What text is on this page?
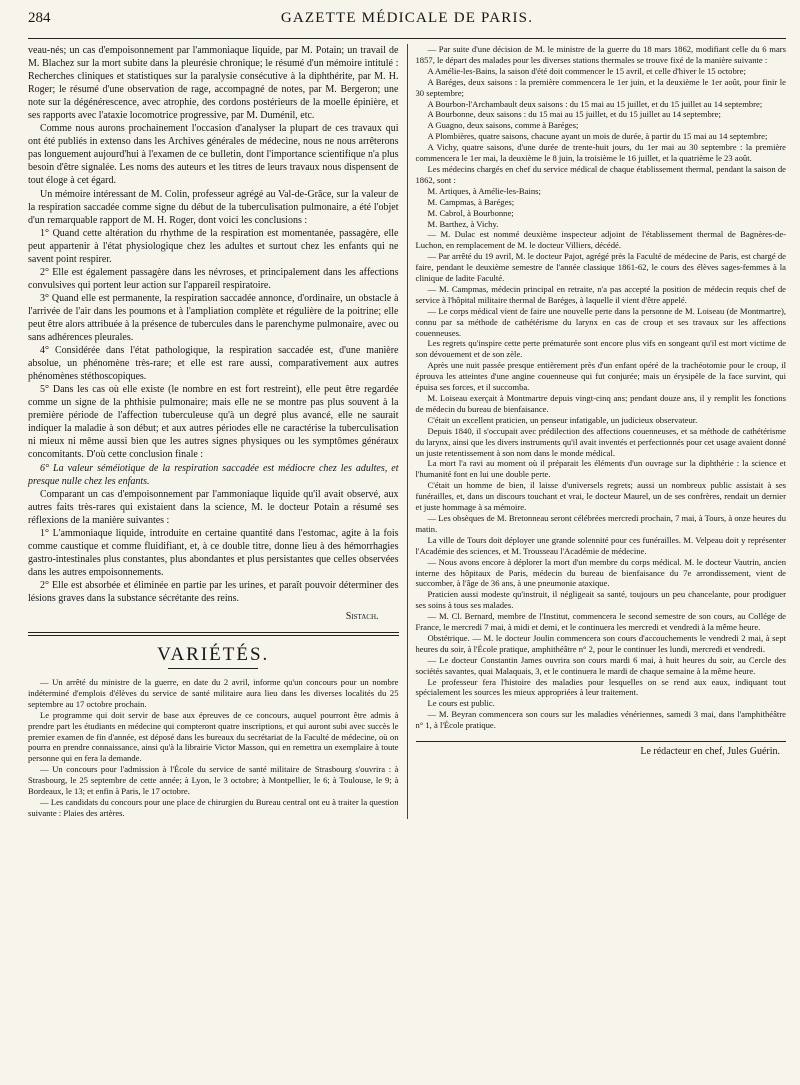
284	GAZETTE MÉDICALE DE PARIS.

veau-nés; un cas d'empoisonnement par l'ammoniaque liquide, par M. Potain; un travail de M. Blachez sur la mort subite dans la pleurésie chronique; le résumé d'un mémoire intitulé : Recherches cliniques et statistiques sur la paralysie consécutive à la diphthérite, par M. H. Roger; le résumé d'une observation de rage, accompagné de notes, par M. Bergeron; une note sur la dégénérescence, avec atrophie, des cordons postérieurs de la moelle épinière, et ses rapports avec l'ataxie locomotrice progressive, par M. Duménil, etc.

Comme nous aurons prochainement l'occasion d'analyser la plupart de ces travaux qui ont été publiés in extenso dans les Archives générales de médecine, nous ne nous arrêterons pas longuement aujourd'hui à l'examen de ce bulletin, dont l'importance scientifique n'a plus besoin d'être signalée. Les noms des auteurs et les titres de leurs travaux nous dispensent de tout éloge à cet égard.

Un mémoire intéressant de M. Colin, professeur agrégé au Val-de-Grâce, sur la valeur de la respiration saccadée comme signe du début de la tuberculisation pulmonaire, a été l'objet d'un remarquable rapport de M. H. Roger, dont voici les conclusions :

1° Quand cette altération du rhythme de la respiration est momentanée, passagère, elle peut appartenir à l'état physiologique chez les adultes et surtout chez les enfants qui ne savent point respirer.

2° Elle est également passagère dans les névroses, et principalement dans les affections convulsives qui portent leur action sur l'appareil respiratoire.

3° Quand elle est permanente, la respiration saccadée annonce, d'ordinaire, un obstacle à l'arrivée de l'air dans les poumons et à l'ampliation complète et régulière de la poitrine; elle peut être alors attribuée à la présence de tubercules dans le parenchyme pulmonaire, avec ou sans adhérences pleurales.

4° Considérée dans l'état pathologique, la respiration saccadée est, d'une manière absolue, un phénomène très-rare; et elle est rare aussi, comparativement aux autres phénomènes stéthoscopiques.

5° Dans les cas où elle existe (le nombre en est fort restreint), elle peut être regardée comme un signe de la phthisie pulmonaire; mais elle ne se montre pas plus souvent à la première période de l'affection tuberculeuse qu'à un degré plus avancé, elle ne saurait indiquer la maladie à son début; et aux autres périodes elle ne caractérise la tuberculisation ni mieux ni même aussi bien que les autres signes physiques ou les symptômes généraux concomitants. D'où cette conclusion finale :

6° La valeur séméiotique de la respiration saccadée est médiocre chez les adultes, et presque nulle chez les enfants.

Comparant un cas d'empoisonnement par l'ammoniaque liquide qu'il avait observé, aux autres faits très-rares qui existaient dans la science, M. le docteur Potain a résumé ses réflexions de la manière suivantes :

1° L'ammoniaque liquide, introduite en certaine quantité dans l'estomac, agite à la fois comme caustique et comme fluidifiant, et, à ce double titre, donne lieu à des hémorrhagies gastro-intestinales plus constantes, plus abondantes et plus persistantes que celles observées dans les autres empoisonnements.

2° Elle est absorbée et éliminée en partie par les urines, et paraît pouvoir déterminer des lésions graves dans la substance sécrétante des reins.

Sistach.
VARIÉTÉS.

— Un arrêté du ministre de la guerre, en date du 2 avril, informe qu'un concours pour un nombre indéterminé d'emplois d'élèves du service de santé militaire aura lieu dans les diverses localités du 25 septembre au 17 octobre prochain.

Le programme qui doit servir de base aux épreuves de ce concours, auquel pourront être admis à prendre part les étudiants en médecine qui compteront quatre inscriptions, et qui auront subi avec succès le premier examen de fin d'année, est déposé dans les bureaux du secrétariat de la Faculté de médecine, où on pourra en prendre connaissance, ainsi qu'à la librairie Victor Masson, qui en remettra un exemplaire à toute personne qui en fera la demande.

— Un concours pour l'admission à l'École du service de santé militaire de Strasbourg s'ouvrira : à Strasbourg, le 25 septembre de cette année; à Lyon, le 3 octobre; à Montpellier, le 6; à Toulouse, le 9; à Bordeaux, le 13; et enfin à Paris, le 17 octobre.

— Les candidats du concours pour une place de chirurgien du Bureau central ont eu à traiter la question suivante : Plaies des artères.

— Par suite d'une décision de M. le ministre de la guerre du 18 mars 1862, modifiant celle du 6 mars 1857, le départ des malades pour les diverses stations thermales se trouve fixé de la manière suivante :

A Amélie-les-Bains, la saison d'été doit commencer le 15 avril, et celle d'hiver le 15 octobre;

A Baréges, deux saisons : la première commencera le 1er juin, et la deuxième le 1er août, pour finir le 30 septembre;

A Bourbon-l'Archambault deux saisons : du 15 mai au 15 juillet, et du 15 juillet au 14 septembre;

A Bourbonne, deux saisons : du 15 mai au 15 juillet, et du 15 juillet au 14 septembre;

A Guagno, deux saisons, comme à Baréges;

A Plombières, quatre saisons, chacune ayant un mois de durée, à partir du 15 mai au 14 septembre;

A Vichy, quatre saisons, d'une durée de trente-huit jours, du 1er mai au 30 septembre : la première commencera le 1er mai, la deuxième le 8 juin, la troisième le 16 juillet, et la quatrième le 23 août.

Les médecins chargés en chef du service médical de chaque établissement thermal, pendant la saison de 1862, sont :

M. Artiques, à Amélie-les-Bains;

M. Campmas, à Baréges;

M. Cabrol, à Bourbonne;

M. Barthez, à Vichy.

— M. Dulac est nommé deuxième inspecteur adjoint de l'établissement thermal de Bagnères-de-Luchon, en remplacement de M. le docteur Villiers, décédé.

— Par arrêté du 19 avril, M. le docteur Pajot, agrégé près la Faculté de médecine de Paris, est chargé de faire, pendant le deuxième semestre de l'année classique 1861-62, le cours des élèves sages-femmes à la clinique de ladite Faculté.

— M. Campmas, médecin principal en retraite, n'a pas accepté la position de médecin requis chef de service à l'hôpital militaire thermal de Baréges, à laquelle il vient d'être appelé.

— Le corps médical vient de faire une nouvelle perte dans la personne de M. Loiseau (de Montmartre), connu par sa méthode de cathétérisme du larynx en cas de croup et ses travaux sur les affections couenneuses.

Les regrets qu'inspire cette perte prématurée sont encore plus vifs en songeant qu'il est mort victime de son dévouement et de son zèle.

Après une nuit passée presque entièrement près d'un enfant opéré de la trachéotomie pour le croup, il éprouva les atteintes d'une angine couenneuse qui fut conjurée; mais un érysipèle de la face survint, qui épuisa ses forces, et il succomba.

M. Loiseau exerçait à Montmartre depuis vingt-cinq ans; pendant douze ans, il y remplit les fonctions de médecin du bureau de bienfaisance.

C'était un excellent praticien, un penseur infatigable, un judicieux observateur.

Depuis 1840, il s'occupait avec prédilection des affections couenneuses, et sa méthode de cathétérisme du larynx, ainsi que les divers instruments qu'il avait inventés et perfectionnés pour cet usage avaient donné un juste retentissement à son nom dans le monde médical.

La mort l'a ravi au moment où il préparait les éléments d'un ouvrage sur la diphthérie : la science et l'humanité font en lui une double perte.

C'était un homme de bien, il laisse d'universels regrets; aussi un nombreux public assistait à ses funérailles, et, dans un discours touchant et vrai, le docteur Maurel, un de ses confrères, rendait un dernier et juste hommage à sa mémoire.

— Les obsèques de M. Bretonneau seront célébrées mercredi prochain, 7 mai, à Tours, à onze heures du matin.

La ville de Tours doit déployer une grande solennité pour ces funérailles. M. Velpeau doit y représenter l'Académie des sciences, et M. Trousseau l'Académie de médecine.

— Nous avons encore à déplorer la mort d'un membre du corps médical. M. le docteur Vautrin, ancien interne des hôpitaux de Paris, médecin du bureau de bienfaisance du 7e arrondissement, vient de succomber, à l'âge de 36 ans, à une pneumonie ataxique.

Praticien aussi modeste qu'instruit, il négligeait sa santé, toujours un peu chancelante, pour prodiguer ses soins à tous ses malades.

— M. Cl. Bernard, membre de l'Institut, commencera le second semestre de son cours, au Collége de France, le mercredi 7 mai, à midi et demi, et le continuera les mercredi et vendredi à la même heure.

Obstétrique. — M. le docteur Joulin commencera son cours d'accouchements le vendredi 2 mai, à sept heures du soir, à l'École pratique, amphithéâtre n° 2, pour le continuer les lundi, mercredi et vendredi.

— Le docteur Constantin James ouvrira son cours mardi 6 mai, à huit heures du soir, au Cercle des sociétés savantes, quai Malaquais, 3, et le continuera le mardi de chaque semaine à la même heure.

Le professeur fera l'histoire des maladies pour lesquelles on se rend aux eaux, indiquant tout spécialement les sources les mieux appropriées à leur traitement.

Le cours est public.

— M. Beyran commencera son cours sur les maladies vénériennes, samedi 3 mai, dans l'amphithéâtre n° 1, à l'École pratique.

Le rédacteur en chef, Jules Guérin.
